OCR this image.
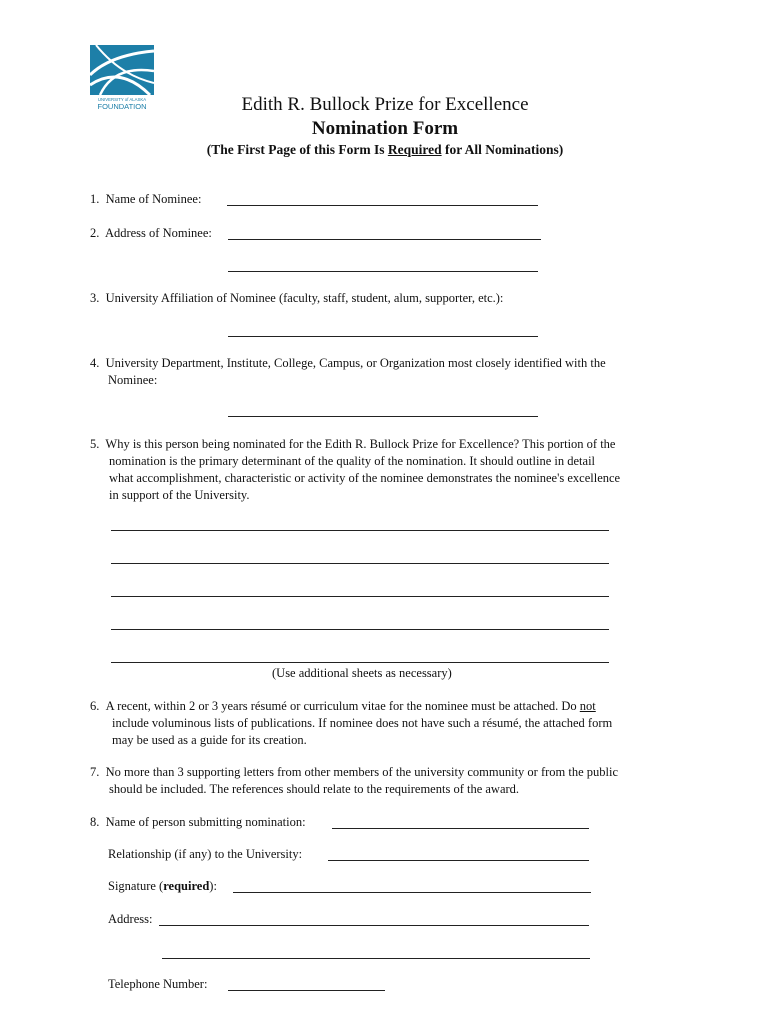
UNIVERSITY of ALASKA
FOUNDATION	Edith R. Bullock Prize for Excellence
Nomination Form
(The First Page of this Form Is Required for All Nominations)
1. Name of Nominee:
2. Address of Nominee:
3. University Affiliation of Nominee (faculty, staff, student, alum, supporter, etc.):
4. University Department, Institute, College, Campus, or Organization most closely identified with the
Nominee:
5. Why is this person being nominated for the Edith R. Bullock Prize for Excellence? This portion of the
nomination is the primary determinant of the quality of the nomination. It should outline in detail
what accomplishment, characteristic or activity of the nominee demonstrates the nominee's excellence
in support of the University.
(Use additional sheets as necessary)
6. A recent, within 2 or 3 years résumé or curriculum vitae for the nominee must be attached. Do not
include voluminous lists of publications. If nominee does not have such a résumé, the attached form
may be used as a guide for its creation.
7. No more than 3 supporting letters from other members of the university community or from the public
should be included. The references should relate to the requirements of the award.
8. Name of person submitting nomination:
Relationship (if any) to the University:
Signature (required):
Address:
Telephone Number:
